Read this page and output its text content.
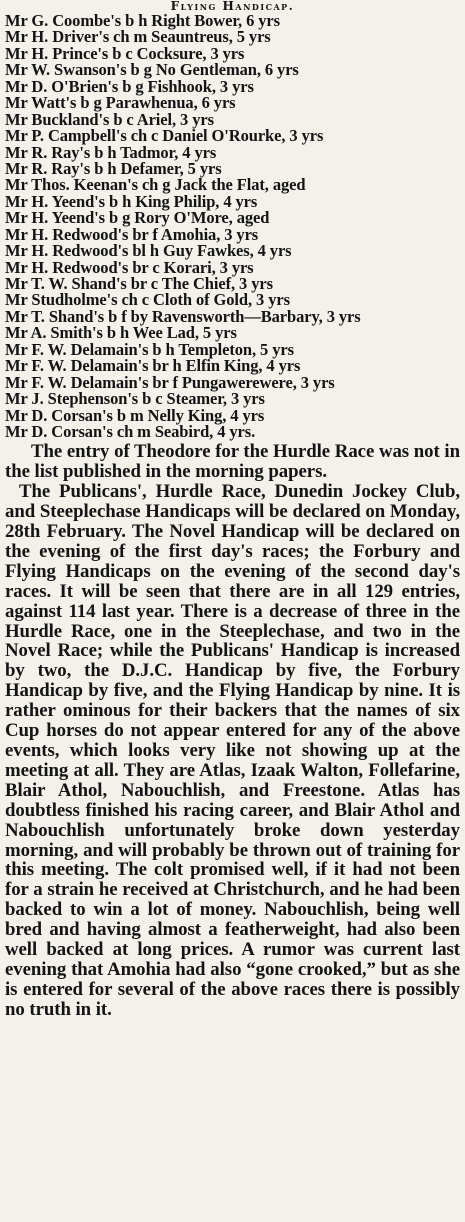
Flying Handicap.
Mr G. Coombe's b h Right Bower, 6 yrs
Mr H. Driver's ch m Seauntreus, 5 yrs
Mr H. Prince's b c Cocksure, 3 yrs
Mr W. Swanson's b g No Gentleman, 6 yrs
Mr D. O'Brien's b g Fishhook, 3 yrs
Mr Watt's b g Parawhenua, 6 yrs
Mr Buckland's b c Ariel, 3 yrs
Mr P. Campbell's ch c Daniel O'Rourke, 3 yrs
Mr R. Ray's b h Tadmor, 4 yrs
Mr R. Ray's b h Defamer, 5 yrs
Mr Thos. Keenan's ch g Jack the Flat, aged
Mr H. Yeend's b h King Philip, 4 yrs
Mr H. Yeend's b g Rory O'More, aged
Mr H. Redwood's br f Amohia, 3 yrs
Mr H. Redwood's bl h Guy Fawkes, 4 yrs
Mr H. Redwood's br c Korari, 3 yrs
Mr T. W. Shand's br c The Chief, 3 yrs
Mr Studholme's ch c Cloth of Gold, 3 yrs
Mr T. Shand's b f by Ravensworth—Barbary, 3 yrs
Mr A. Smith's b h Wee Lad, 5 yrs
Mr F. W. Delamain's b h Templeton, 5 yrs
Mr F. W. Delamain's br h Elfin King, 4 yrs
Mr F. W. Delamain's br f Pungawerewere, 3 yrs
Mr J. Stephenson's b c Steamer, 3 yrs
Mr D. Corsan's b m Nelly King, 4 yrs
Mr D. Corsan's ch m Seabird, 4 yrs.

The entry of Theodore for the Hurdle Race was not in the list published in the morning papers.

The Publicans', Hurdle Race, Dunedin Jockey Club, and Steeplechase Handicaps will be declared on Monday, 28th February. The Novel Handicap will be declared on the evening of the first day's races; the Forbury and Flying Handicaps on the evening of the second day's races. It will be seen that there are in all 129 entries, against 114 last year. There is a decrease of three in the Hurdle Race, one in the Steeplechase, and two in the Novel Race; while the Publicans' Handicap is increased by two, the D.J.C. Handicap by five, the Forbury Handicap by five, and the Flying Handicap by nine. It is rather ominous for their backers that the names of six Cup horses do not appear entered for any of the above events, which looks very like not showing up at the meeting at all. They are Atlas, Izaak Walton, Follefarine, Blair Athol, Nabouchlish, and Freestone. Atlas has doubtless finished his racing career, and Blair Athol and Nabouchlish unfortunately broke down yesterday morning, and will probably be thrown out of training for this meeting. The colt promised well, if it had not been for a strain he received at Christchurch, and he had been backed to win a lot of money. Nabouchlish, being well bred and having almost a featherweight, had also been well backed at long prices. A rumor was current last evening that Amohia had also “gone crooked,” but as she is entered for several of the above races there is possibly no truth in it.
